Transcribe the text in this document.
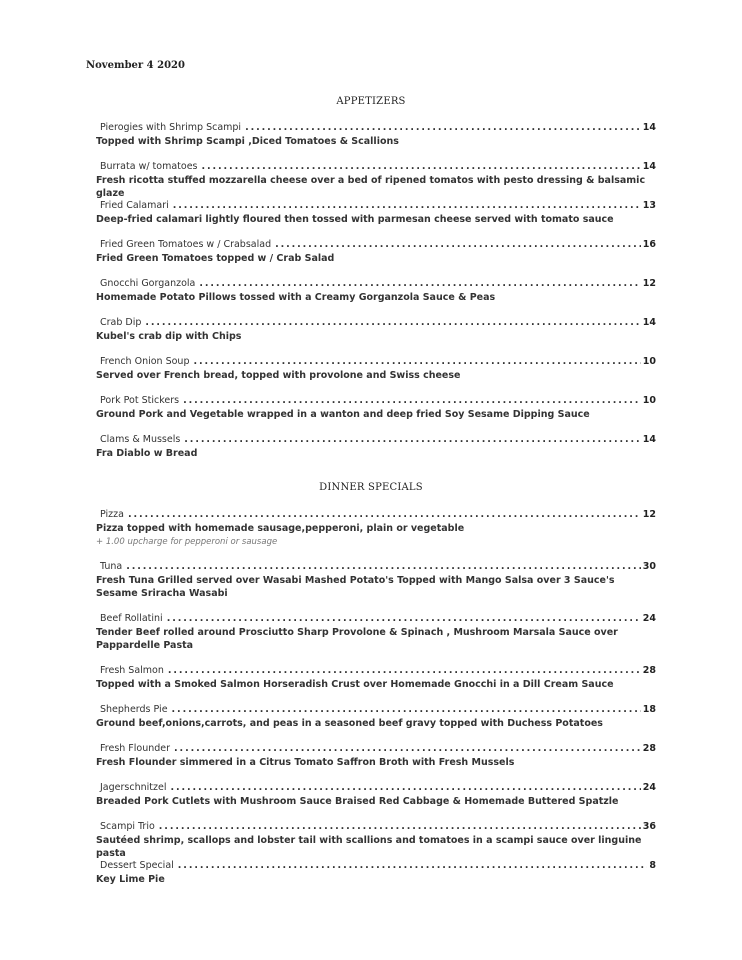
November 4 2020
APPETIZERS
Pierogies with Shrimp Scampi .....	14
Topped with Shrimp Scampi ,Diced Tomatoes & Scallions
Burrata w/ tomatoes .....	14
Fresh ricotta stuffed mozzarella cheese over a bed of ripened tomatos with pesto dressing & balsamic glaze
Fried Calamari .....	13
Deep-fried calamari lightly floured then tossed with parmesan cheese served with tomato sauce
Fried Green Tomatoes w / Crabsalad .....	16
Fried Green Tomatoes topped w / Crab Salad
Gnocchi Gorganzola .....	12
Homemade Potato Pillows tossed with a Creamy Gorganzola Sauce & Peas
Crab Dip .....	14
Kubel's crab dip with Chips
French Onion Soup .....	10
Served over French bread, topped with provolone and Swiss cheese
Pork Pot Stickers .....	10
Ground Pork and Vegetable wrapped in a wanton and deep fried Soy Sesame Dipping Sauce
Clams & Mussels .....	14
Fra Diablo w Bread
DINNER SPECIALS
Pizza .....	12
Pizza topped with homemade sausage,pepperoni, plain or vegetable
+ 1.00 upcharge for pepperoni or sausage
Tuna .....	30
Fresh Tuna Grilled served over Wasabi Mashed Potato's Topped with Mango Salsa over 3 Sauce's Sesame Sriracha Wasabi
Beef Rollatini .....	24
Tender Beef rolled around Prosciutto Sharp Provolone & Spinach , Mushroom Marsala Sauce over Pappardelle Pasta
Fresh Salmon .....	28
Topped with a Smoked Salmon Horseradish Crust over Homemade Gnocchi in a Dill Cream Sauce
Shepherds Pie .....	18
Ground beef,onions,carrots, and peas in a seasoned beef gravy topped with Duchess Potatoes
Fresh Flounder .....	28
Fresh Flounder simmered in a Citrus Tomato Saffron Broth with Fresh Mussels
Jagerschnitzel .....	24
Breaded Pork Cutlets with Mushroom Sauce Braised Red Cabbage & Homemade Buttered Spatzle
Scampi Trio .....	36
Sautéed shrimp, scallops and lobster tail with scallions and tomatoes in a scampi sauce over linguine pasta
Dessert Special .....	8
Key Lime Pie
